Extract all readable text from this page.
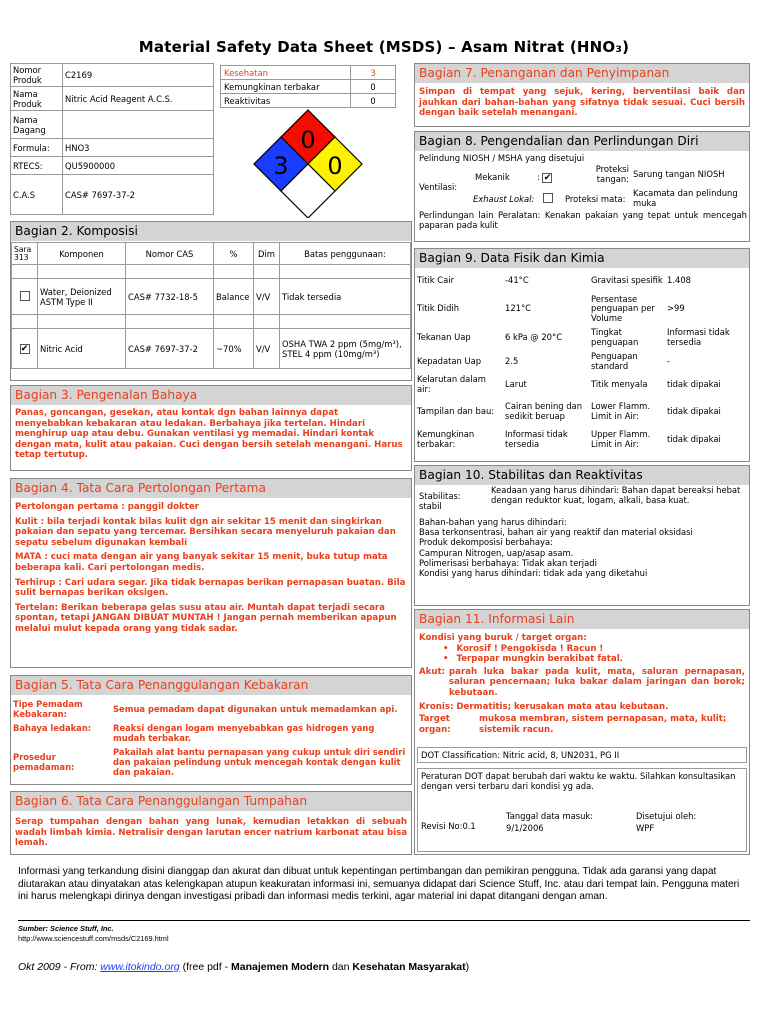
Material Safety Data Sheet (MSDS) – Asam Nitrat (HNO₃)
Nomor Produk	C2169
Nama Produk	Nitric Acid Reagent A.C.S.
Nama Dagang	
Formula:	HNO3
RTECS:	QU5900000
C.A.S	CAS# 7697-37-2
Kesehatan	3
Kemungkinan terbakar	0
Reaktivitas	0
0
3 0
Bagian 2. Komposisi
Sara 313	Komponen	Nomor CAS	%	Dim	Batas penggunaan:

	Water, Deionized ASTM Type II	CAS# 7732-18-5	Balance	V/V	Tidak tersedia

✔	Nitric Acid	CAS# 7697-37-2	~70%	V/V	OSHA TWA 2 ppm (5mg/m³), STEL 4 ppm (10mg/m³)
Bagian 3. Pengenalan Bahaya
Panas, goncangan, gesekan, atau kontak dgn bahan lainnya dapat menyebabkan kebakaran atau ledakan. Berbahaya jika tertelan. Hindari menghirup uap atau debu. Gunakan ventilasi yg memadai. Hindari kontak dengan mata, kulit atau pakaian. Cuci dengan bersih setelah menangani. Harus tetap tertutup.
Bagian 4. Tata Cara Pertolongan Pertama
Pertolongan pertama : panggil dokter
Kulit : bila terjadi kontak bilas kulit dgn air sekitar 15 menit dan singkirkan pakaian dan sepatu yang tercemar. Bersihkan secara menyeluruh pakaian dan sepatu sebelum digunakan kembali
MATA : cuci mata dengan air yang banyak sekitar 15 menit, buka tutup mata beberapa kali. Cari pertolongan medis.
Terhirup : Cari udara segar. Jika tidak bernapas berikan pernapasan buatan. Bila sulit bernapas berikan oksigen.
Tertelan: Berikan beberapa gelas susu atau air. Muntah dapat terjadi secara spontan, tetapi JANGAN DIBUAT MUNTAH ! Jangan pernah memberikan apapun melalui mulut kepada orang yang tidak sadar.
Bagian 5. Tata Cara Penanggulangan Kebakaran
Tipe Pemadam Kebakaran:	Semua pemadam dapat digunakan untuk memadamkan api.
Bahaya ledakan:	Reaksi dengan logam menyebabkan gas hidrogen yang mudah terbakar.
Prosedur pemadaman:	Pakailah alat bantu pernapasan yang cukup untuk diri sendiri dan pakaian pelindung untuk mencegah kontak dengan kulit dan pakaian.
Bagian 6. Tata Cara Penanggulangan Tumpahan
Serap tumpahan dengan bahan yang lunak, kemudian letakkan di sebuah wadah limbah kimia. Netralisir dengan larutan encer natrium karbonat atau bisa lemah.
Bagian 7. Penanganan dan Penyimpanan
Simpan di tempat yang sejuk, kering, berventilasi baik dan jauhkan dari bahan-bahan yang sifatnya tidak sesuai. Cuci bersih dengan baik setelah menangani.
Bagian 8. Pengendalian dan Perlindungan Diri
Pelindung NIOSH / MSHA yang disetujui
Ventilasi:
Mekanik	: ✔
Proteksi tangan: Sarung tangan NIOSH
Exhaust Lokal:	Proteksi mata:
Kacamata dan pelindung muka
Perlindungan lain Peralatan: Kenakan pakaian yang tepat untuk mencegah paparan pada kulit
Bagian 9. Data Fisik dan Kimia
Titik Cair	-41°C	Gravitasi spesifik	1.408
Titik Didih	121°C	Persentase penguapan per Volume	>99
Tekanan Uap	6 kPa @ 20°C	Tingkat penguapan	Informasi tidak tersedia
Kepadatan Uap	2.5	Penguapan standard	-
Kelarutan dalam air:	Larut	Titik menyala	tidak dipakai
Tampilan dan bau:	Cairan bening dan sedikit beruap	Lower Flamm. Limit in Air:	tidak dipakai
Kemungkinan terbakar:	Informasi tidak tersedia	Upper Flamm. Limit in Air:	tidak dipakai
Bagian 10. Stabilitas dan Reaktivitas
Stabilitas: stabil
Keadaan yang harus dihindari: Bahan dapat bereaksi hebat dengan reduktor kuat, logam, alkali, basa kuat.
Bahan-bahan yang harus dihindari:
Basa terkonsentrasi, bahan air yang reaktif dan material oksidasi
Produk dekomposisi berbahaya:
Campuran Nitrogen, uap/asap asam.
Polimerisasi berbahaya: Tidak akan terjadi
Kondisi yang harus dihindari: tidak ada yang diketahui
Bagian 11. Informasi Lain
Kondisi yang buruk / target organ:
• Korosif ! Pengokisda ! Racun !
• Terpapar mungkin berakibat fatal.
Akut: parah luka bakar pada kulit, mata, saluran pernapasan, saluran pencernaan; luka bakar dalam jaringan dan borok; kebutaan.
Kronis: Dermatitis; kerusakan mata atau kebutaan.
Target organ:
mukosa membran, sistem pernapasan, mata, kulit; sistemik racun.
DOT Classification: Nitric acid, 8, UN2031, PG II
Peraturan DOT dapat berubah dari waktu ke waktu. Silahkan konsultasikan dengan versi terbaru dari kondisi yg ada.
Revisi No:0.1
Tanggal data masuk:
9/1/2006
Disetujui oleh:
WPF
Informasi yang terkandung disini dianggap dan akurat dan dibuat untuk kepentingan pertimbangan dan pemikiran pengguna. Tidak ada garansi yang dapat diutarakan atau dinyatakan atas kelengkapan atupun keakuratan informasi ini, semuanya didapat dari Science Stuff, Inc. atau dari tempat lain. Pengguna materi ini harus melengkapi dirinya dengan investigasi pribadi dan informasi medis terkini, agar material ini dapat ditangani dengan aman.
Sumber: Science Stuff, Inc.
http://www.sciencestuff.com/msds/C2169.html
Okt 2009 - From: www.itokindo.org (free pdf - Manajemen Modern dan Kesehatan Masyarakat)
